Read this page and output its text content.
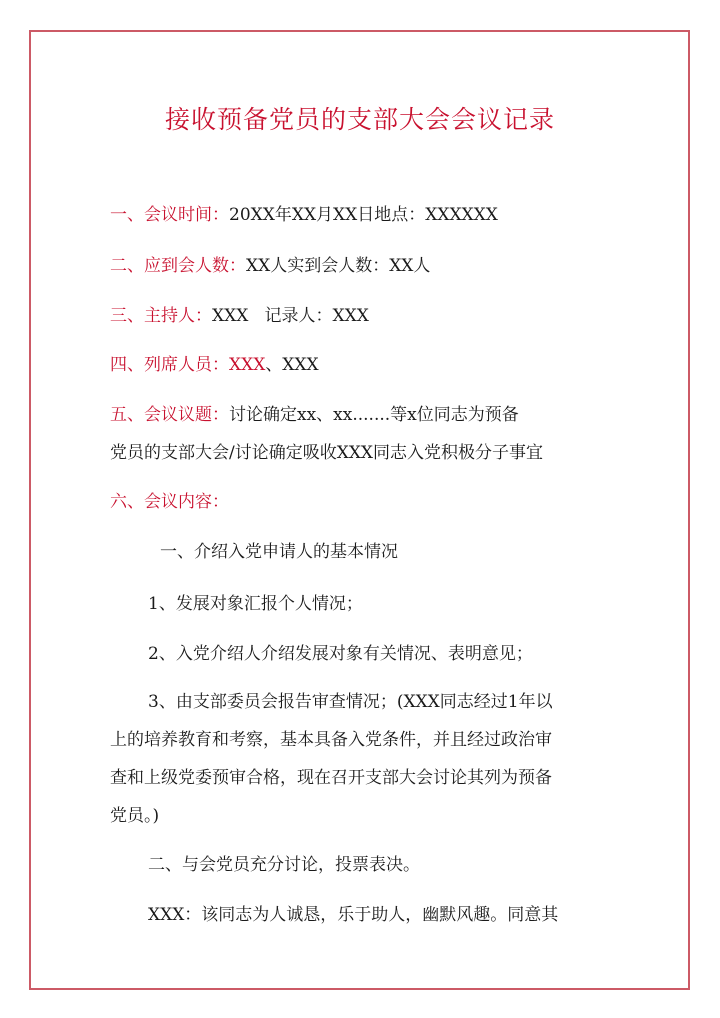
接收预备党员的支部大会会议记录
一、会议时间：20XX年XX月XX日地点：XXXXXX
二、应到会人数：XX人实到会人数：XX人
三、主持人：XXX   记录人：XXX
四、列席人员：XXX、XXX
五、会议议题：讨论确定xx、xx.......等x位同志为预备
党员的支部大会/讨论确定吸收XXX同志入党积极分子事宜
六、会议内容：
一、介绍入党申请人的基本情况
1、发展对象汇报个人情况；
2、入党介绍人介绍发展对象有关情况、表明意见；
3、由支部委员会报告审查情况；(XXX同志经过1年以
上的培养教育和考察，基本具备入党条件，并且经过政治审
查和上级党委预审合格，现在召开支部大会讨论其列为预备
党员。)
二、与会党员充分讨论，投票表决。
XXX：该同志为人诚恳，乐于助人，幽默风趣。同意其
